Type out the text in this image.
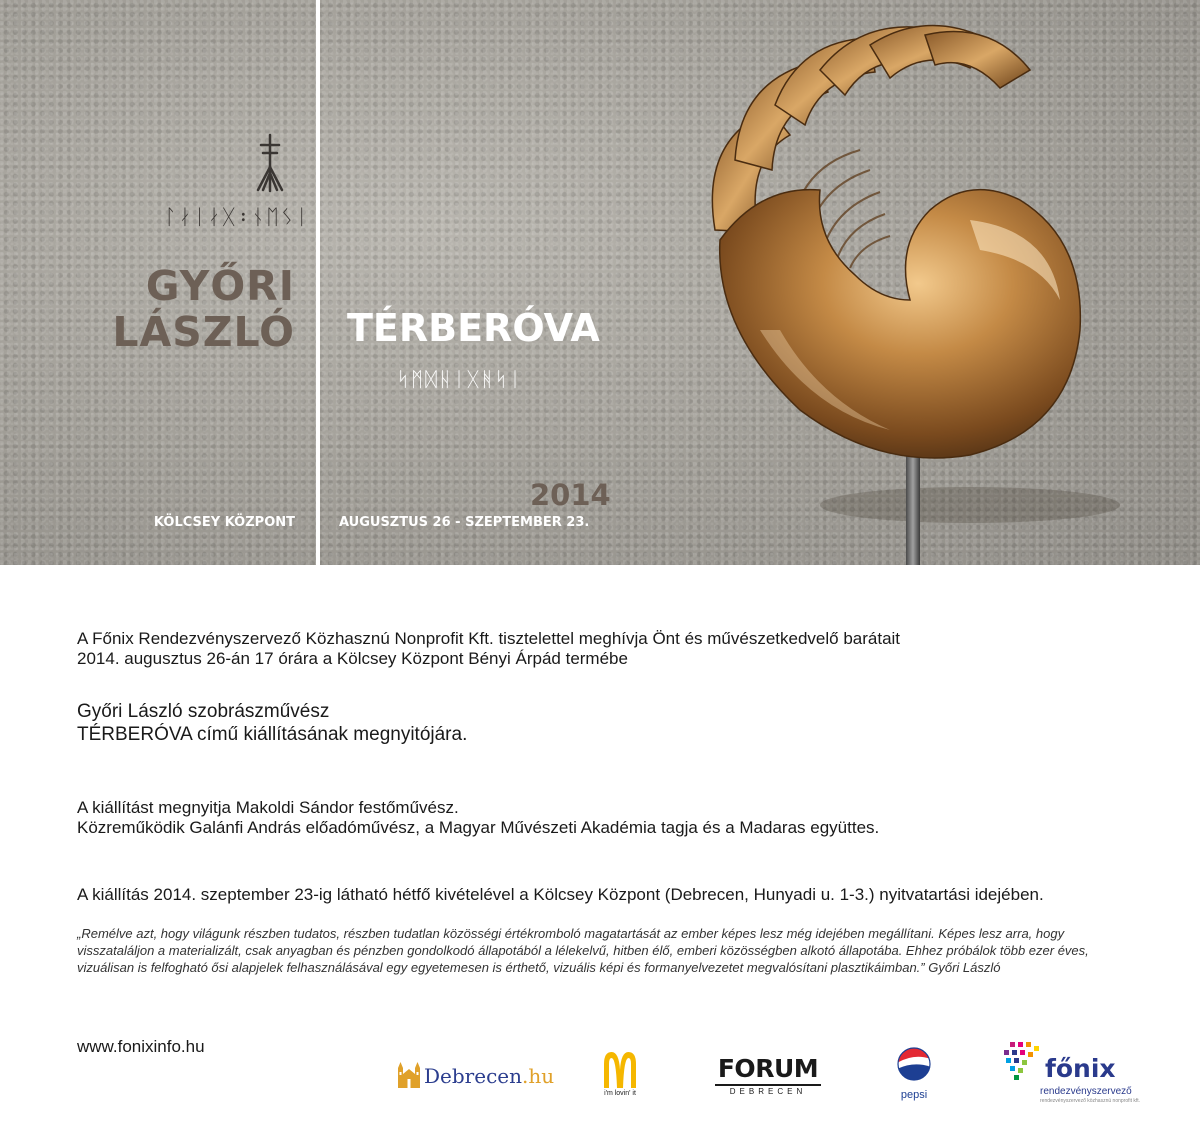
ᛚᛅᛁᛅᚷ᛬ᚾᛖᛊᛁ
GYŐRI
LÁSZLÓ
KÖLCSEY KÖZPONT
TÉRBERÓVA
ᛋᛗᛞᚺᛁᚷᚻᛋᛁ
2014
AUGUSZTUS 26 - SZEPTEMBER 23.

A Főnix Rendezvényszervező Közhasznú Nonprofit Kft. tisztelettel meghívja Önt és művészetkedvelő barátait

2014. augusztus 26-án 17 órára a Kölcsey Központ Bényi Árpád termébe

Győri László szobrászművész

TÉRBERÓVA című kiállításának megnyitójára.

A kiállítást megnyitja Makoldi Sándor festőművész.

Közreműködik Galánfi András előadóművész, a Magyar Művészeti Akadémia tagja és a Madaras együttes.

A kiállítás 2014. szeptember 23-ig látható hétfő kivételével a Kölcsey Központ (Debrecen, Hunyadi u. 1-3.) nyitvatartási idejében.
„Remélve azt, hogy világunk részben tudatos, részben tudatlan közösségi értékromboló magatartását az ember képes lesz még idejében megállítani. Képes lesz arra, hogy visszataláljon a materializált, csak anyagban és pénzben gondolkodó állapotából a lélekelvű, hitben élő, emberi közösségben alkotó állapotába. Ehhez próbálok több ezer éves, vizuálisan is felfogható ősi alapjelek felhasználásával egy egyetemesen is érthető, vizuális képi és formanyelvezetet megvalósítani plasztikáimban.” Győri László
www.fonixinfo.hu
Debrecen.hu
i'm lovin' it
FORUM
DEBRECEN	pepsi
főnix
rendezvényszervező
rendezvényszervező közhasznú nonprofit kft.
